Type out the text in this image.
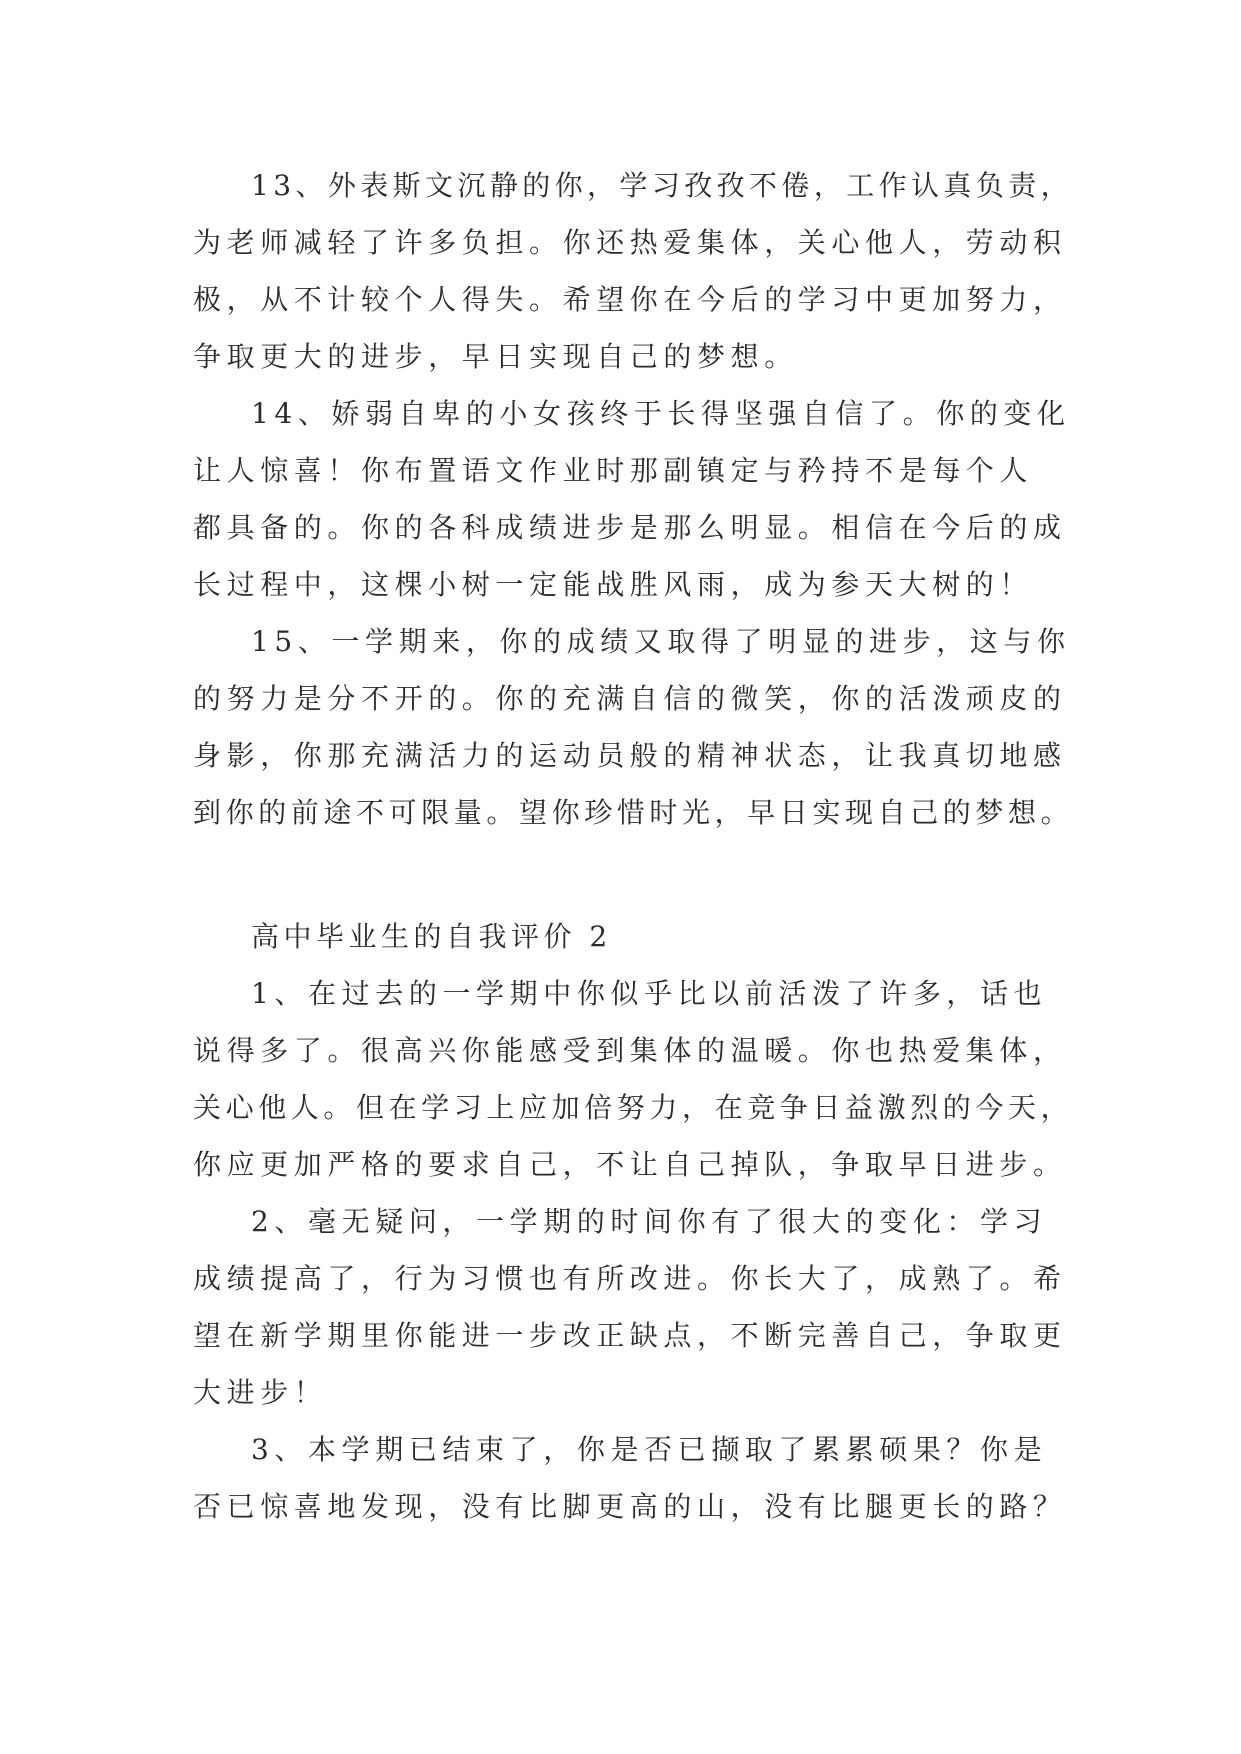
13、外表斯文沉静的你，学习孜孜不倦，工作认真负责，
为老师减轻了许多负担。你还热爱集体，关心他人，劳动积
极，从不计较个人得失。希望你在今后的学习中更加努力，
争取更大的进步，早日实现自己的梦想。

14、娇弱自卑的小女孩终于长得坚强自信了。你的变化
让人惊喜！你布置语文作业时那副镇定与矜持不是每个人
都具备的。你的各科成绩进步是那么明显。相信在今后的成
长过程中，这棵小树一定能战胜风雨，成为参天大树的！

15、一学期来，你的成绩又取得了明显的进步，这与你
的努力是分不开的。你的充满自信的微笑，你的活泼顽皮的
身影，你那充满活力的运动员般的精神状态，让我真切地感
到你的前途不可限量。望你珍惜时光，早日实现自己的梦想。

高中毕业生的自我评价 2

1、在过去的一学期中你似乎比以前活泼了许多，话也
说得多了。很高兴你能感受到集体的温暖。你也热爱集体，
关心他人。但在学习上应加倍努力，在竞争日益激烈的今天，
你应更加严格的要求自己，不让自己掉队，争取早日进步。

2、毫无疑问，一学期的时间你有了很大的变化：学习
成绩提高了，行为习惯也有所改进。你长大了，成熟了。希
望在新学期里你能进一步改正缺点，不断完善自己，争取更
大进步！

3、本学期已结束了，你是否已撷取了累累硕果？你是
否已惊喜地发现，没有比脚更高的山，没有比腿更长的路？
